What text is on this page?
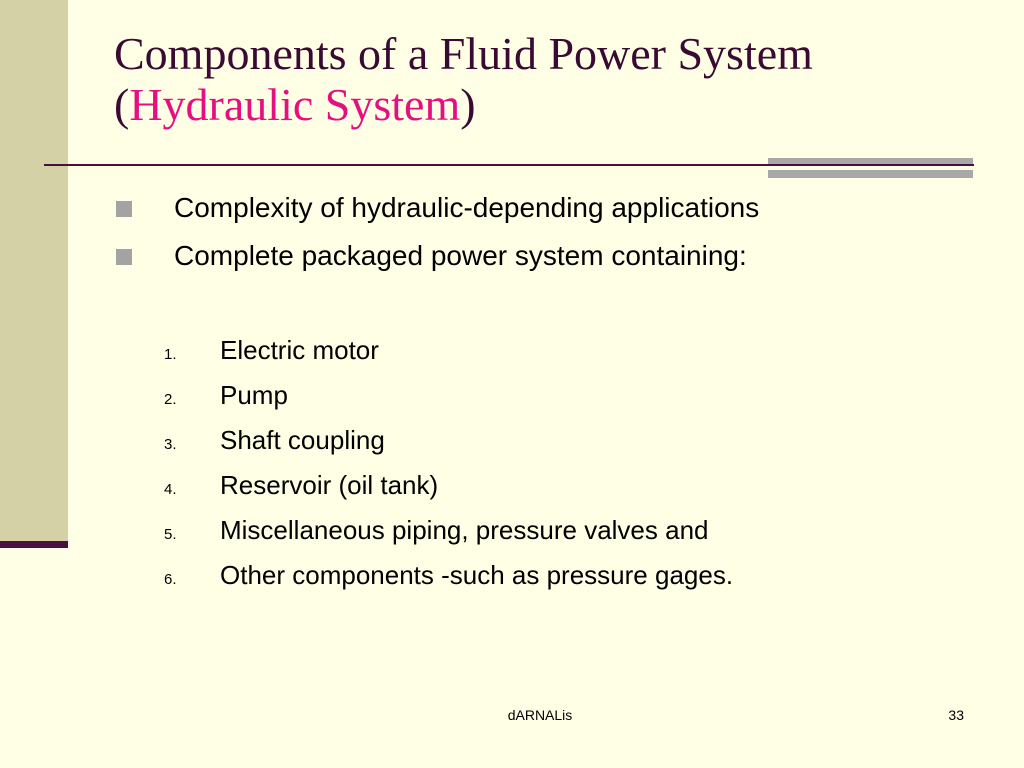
Components of a Fluid Power System
(Hydraulic System)
Complexity of hydraulic-depending applications
Complete packaged power system containing:
1. Electric motor
2. Pump
3. Shaft coupling
4. Reservoir (oil tank)
5. Miscellaneous piping, pressure valves and
6. Other components -such as pressure gages.
dARNALis	33
